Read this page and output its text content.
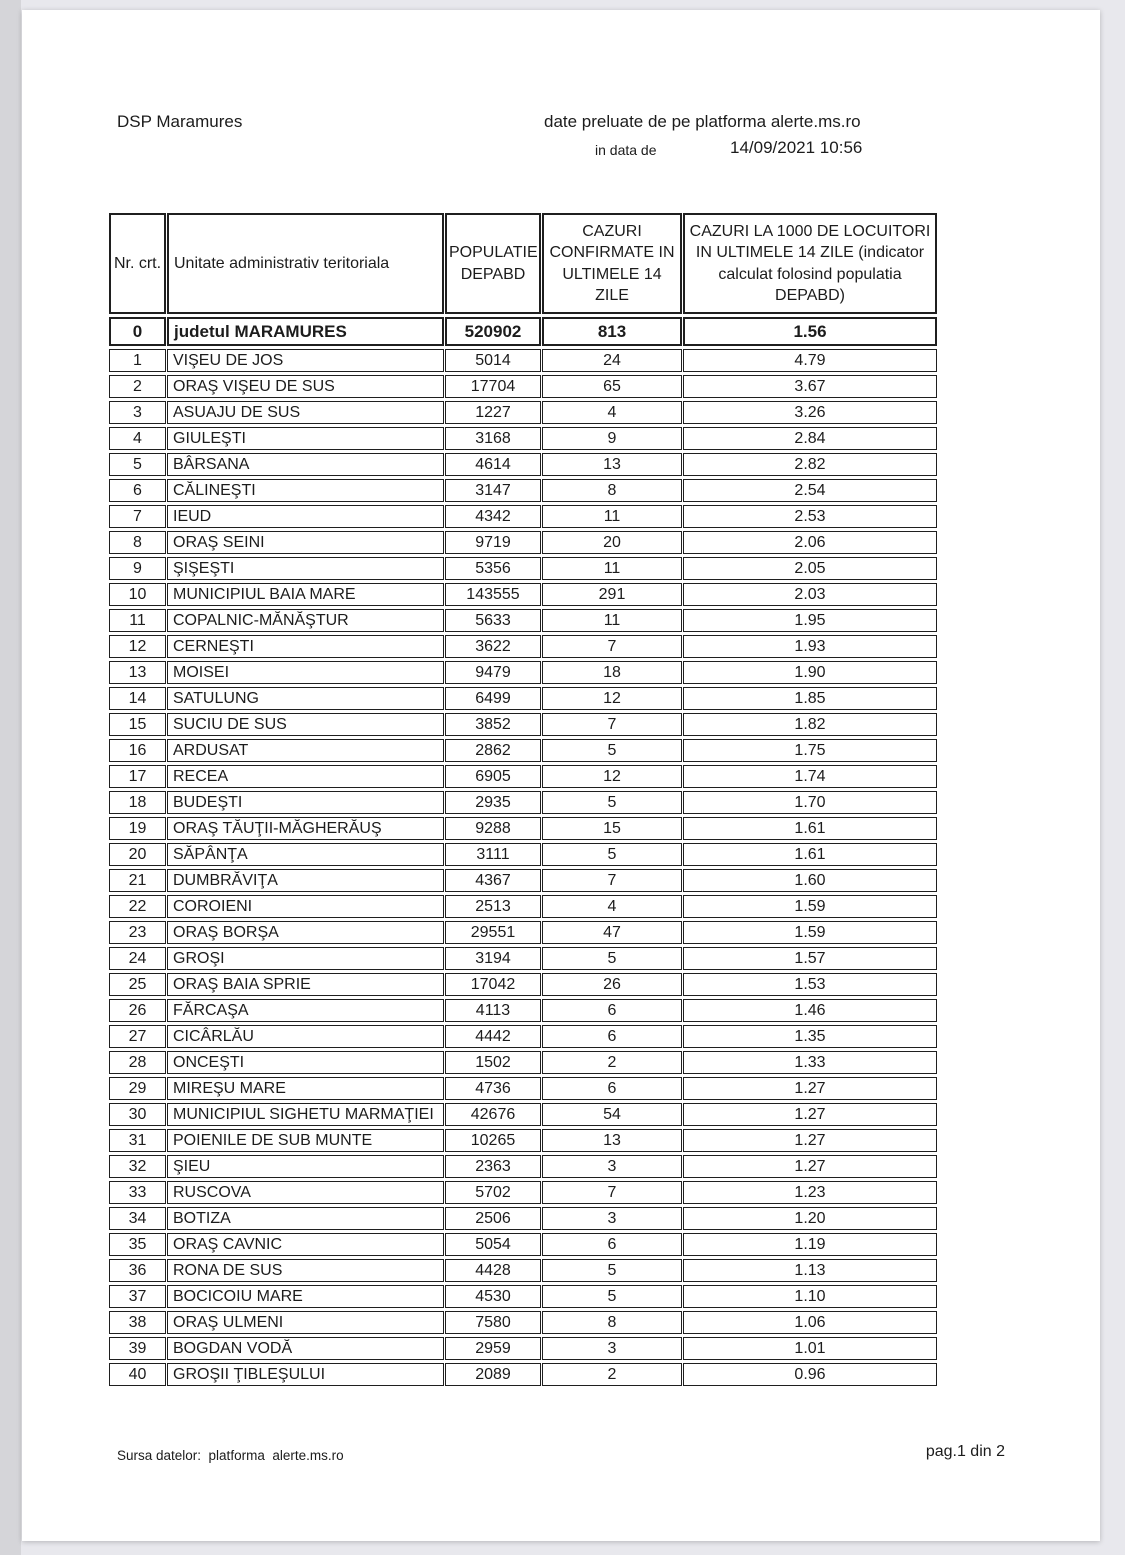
DSP Maramures	date preluate de pe platforma alerte.ms.ro
in data de	14/09/2021 10:56
Nr. crt.	Unitate administrativ teritoriala	POPULATIE DEPABD	CAZURI CONFIRMATE IN ULTIMELE 14 ZILE	CAZURI LA 1000 DE LOCUITORI IN ULTIMELE 14 ZILE (indicator calculat folosind populatia DEPABD)
0	judetul MARAMURES	520902	813	1.56
1	VIŞEU DE JOS	5014	24	4.79
2	ORAŞ VIŞEU DE SUS	17704	65	3.67
3	ASUAJU DE SUS	1227	4	3.26
4	GIULEŞTI	3168	9	2.84
5	BÂRSANA	4614	13	2.82
6	CĂLINEŞTI	3147	8	2.54
7	IEUD	4342	11	2.53
8	ORAŞ SEINI	9719	20	2.06
9	ŞIŞEŞTI	5356	11	2.05
10	MUNICIPIUL BAIA MARE	143555	291	2.03
11	COPALNIC-MĂNĂŞTUR	5633	11	1.95
12	CERNEŞTI	3622	7	1.93
13	MOISEI	9479	18	1.90
14	SATULUNG	6499	12	1.85
15	SUCIU DE SUS	3852	7	1.82
16	ARDUSAT	2862	5	1.75
17	RECEA	6905	12	1.74
18	BUDEŞTI	2935	5	1.70
19	ORAŞ TĂUŢII-MĂGHERĂUŞ	9288	15	1.61
20	SĂPÂNŢA	3111	5	1.61
21	DUMBRĂVIŢA	4367	7	1.60
22	COROIENI	2513	4	1.59
23	ORAŞ BORŞA	29551	47	1.59
24	GROŞI	3194	5	1.57
25	ORAŞ BAIA SPRIE	17042	26	1.53
26	FĂRCAŞA	4113	6	1.46
27	CICÂRLĂU	4442	6	1.35
28	ONCEŞTI	1502	2	1.33
29	MIREŞU MARE	4736	6	1.27
30	MUNICIPIUL SIGHETU MARMAŢIEI	42676	54	1.27
31	POIENILE DE SUB MUNTE	10265	13	1.27
32	ŞIEU	2363	3	1.27
33	RUSCOVA	5702	7	1.23
34	BOTIZA	2506	3	1.20
35	ORAŞ CAVNIC	5054	6	1.19
36	RONA DE SUS	4428	5	1.13
37	BOCICOIU MARE	4530	5	1.10
38	ORAŞ ULMENI	7580	8	1.06
39	BOGDAN VODĂ	2959	3	1.01
40	GROŞII ŢIBLEŞULUI	2089	2	0.96
Sursa datelor:  platforma  alerte.ms.ro	pag.1 din 2
